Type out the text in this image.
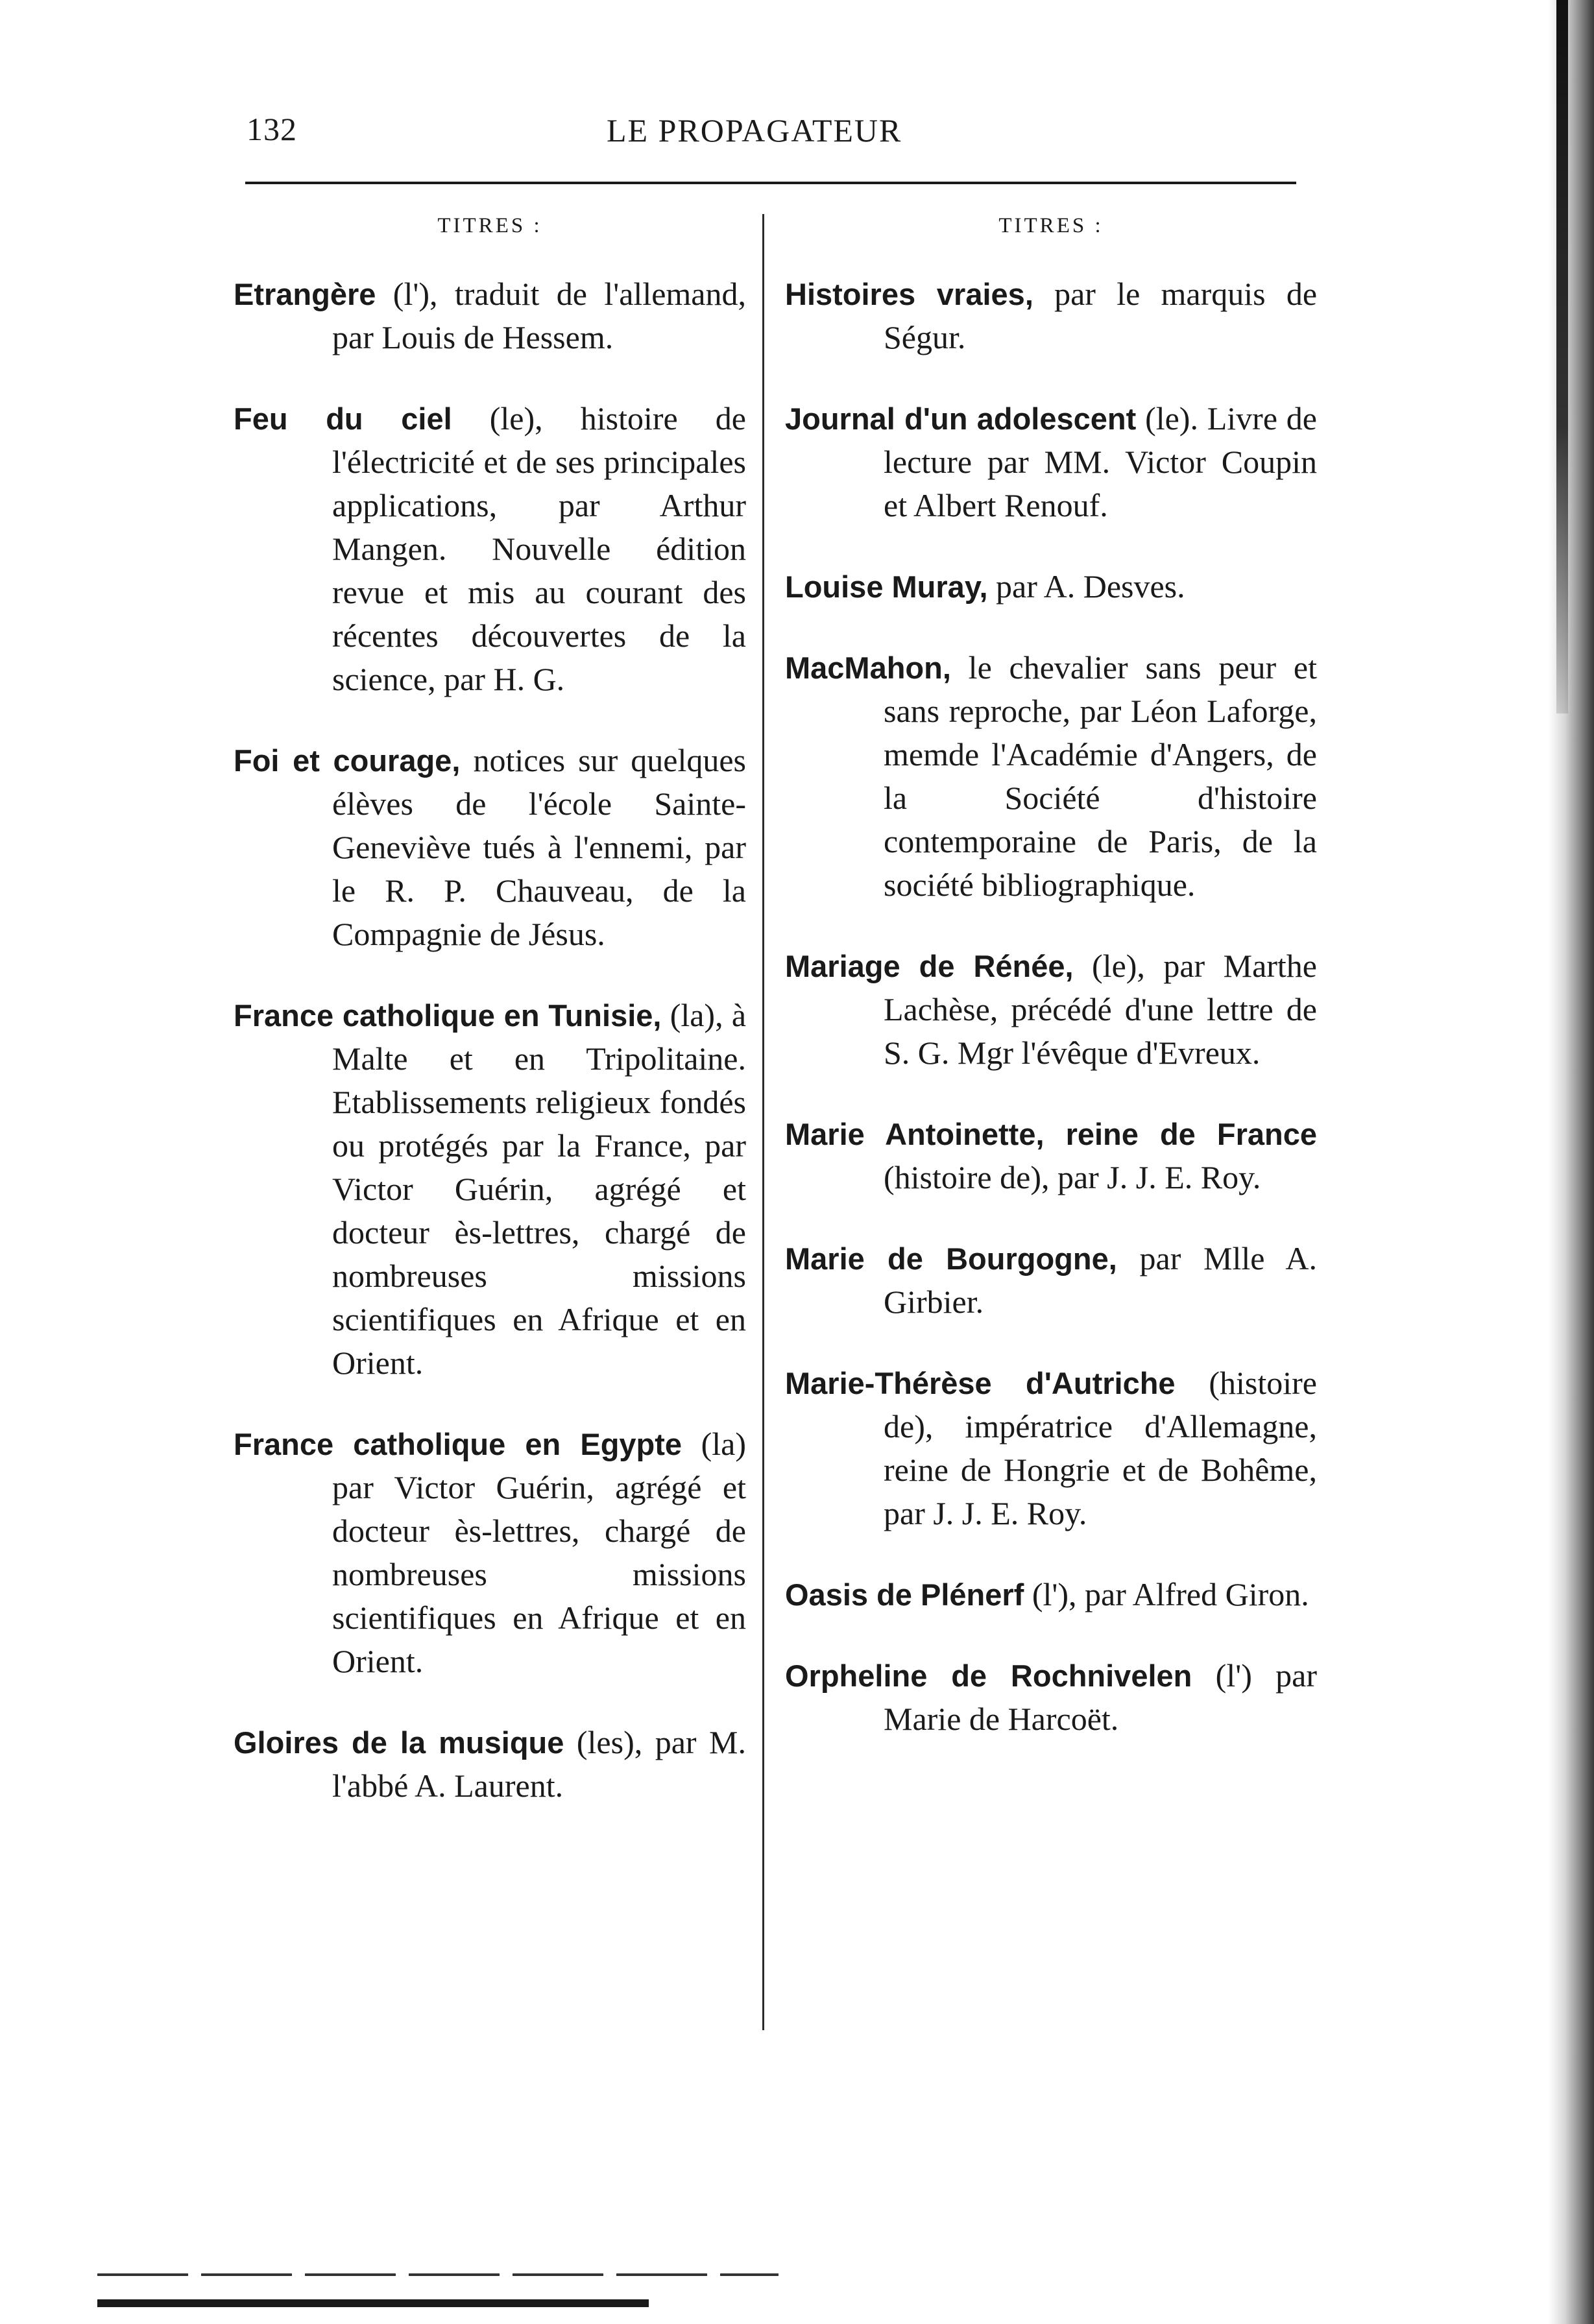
132	LE PROPAGATEUR
TITRES :

Etrangère (l'), traduit de l'allemand, par Louis de Hessem.

Feu du ciel (le), histoire de l'électricité et de ses principales applications, par Arthur Mangen. Nouvelle édition revue et mis au courant des récentes découvertes de la science, par H. G.

Foi et courage, notices sur quelques élèves de l'école Sainte-Geneviève tués à l'ennemi, par le R. P. Chauveau, de la Compagnie de Jésus.

France catholique en Tunisie, (la), à Malte et en Tripolitaine. Etablissements religieux fondés ou protégés par la France, par Victor Guérin, agrégé et docteur ès-lettres, chargé de nombreuses missions scientifiques en Afrique et en Orient.

France catholique en Egypte (la) par Victor Guérin, agrégé et docteur ès-lettres, chargé de nombreuses missions scientifiques en Afrique et en Orient.

Gloires de la musique (les), par M. l'abbé A. Laurent.

TITRES :

Histoires vraies, par le marquis de Ségur.

Journal d'un adolescent (le). Livre de lecture par MM. Victor Coupin et Albert Renouf.

Louise Muray, par A. Desves.

MacMahon, le chevalier sans peur et sans reproche, par Léon Laforge, memde l'Académie d'Angers, de la Société d'histoire contemporaine de Paris, de la société bibliographique.

Mariage de Rénée, (le), par Marthe Lachèse, précédé d'une lettre de S. G. Mgr l'évêque d'Evreux.

Marie Antoinette, reine de France (histoire de), par J. J. E. Roy.

Marie de Bourgogne, par Mlle A. Girbier.

Marie-Thérèse d'Autriche (histoire de), impératrice d'Allemagne, reine de Hongrie et de Bohême, par J. J. E. Roy.

Oasis de Plénerf (l'), par Alfred Giron.

Orpheline de Rochnivelen (l') par Marie de Harcoët.
